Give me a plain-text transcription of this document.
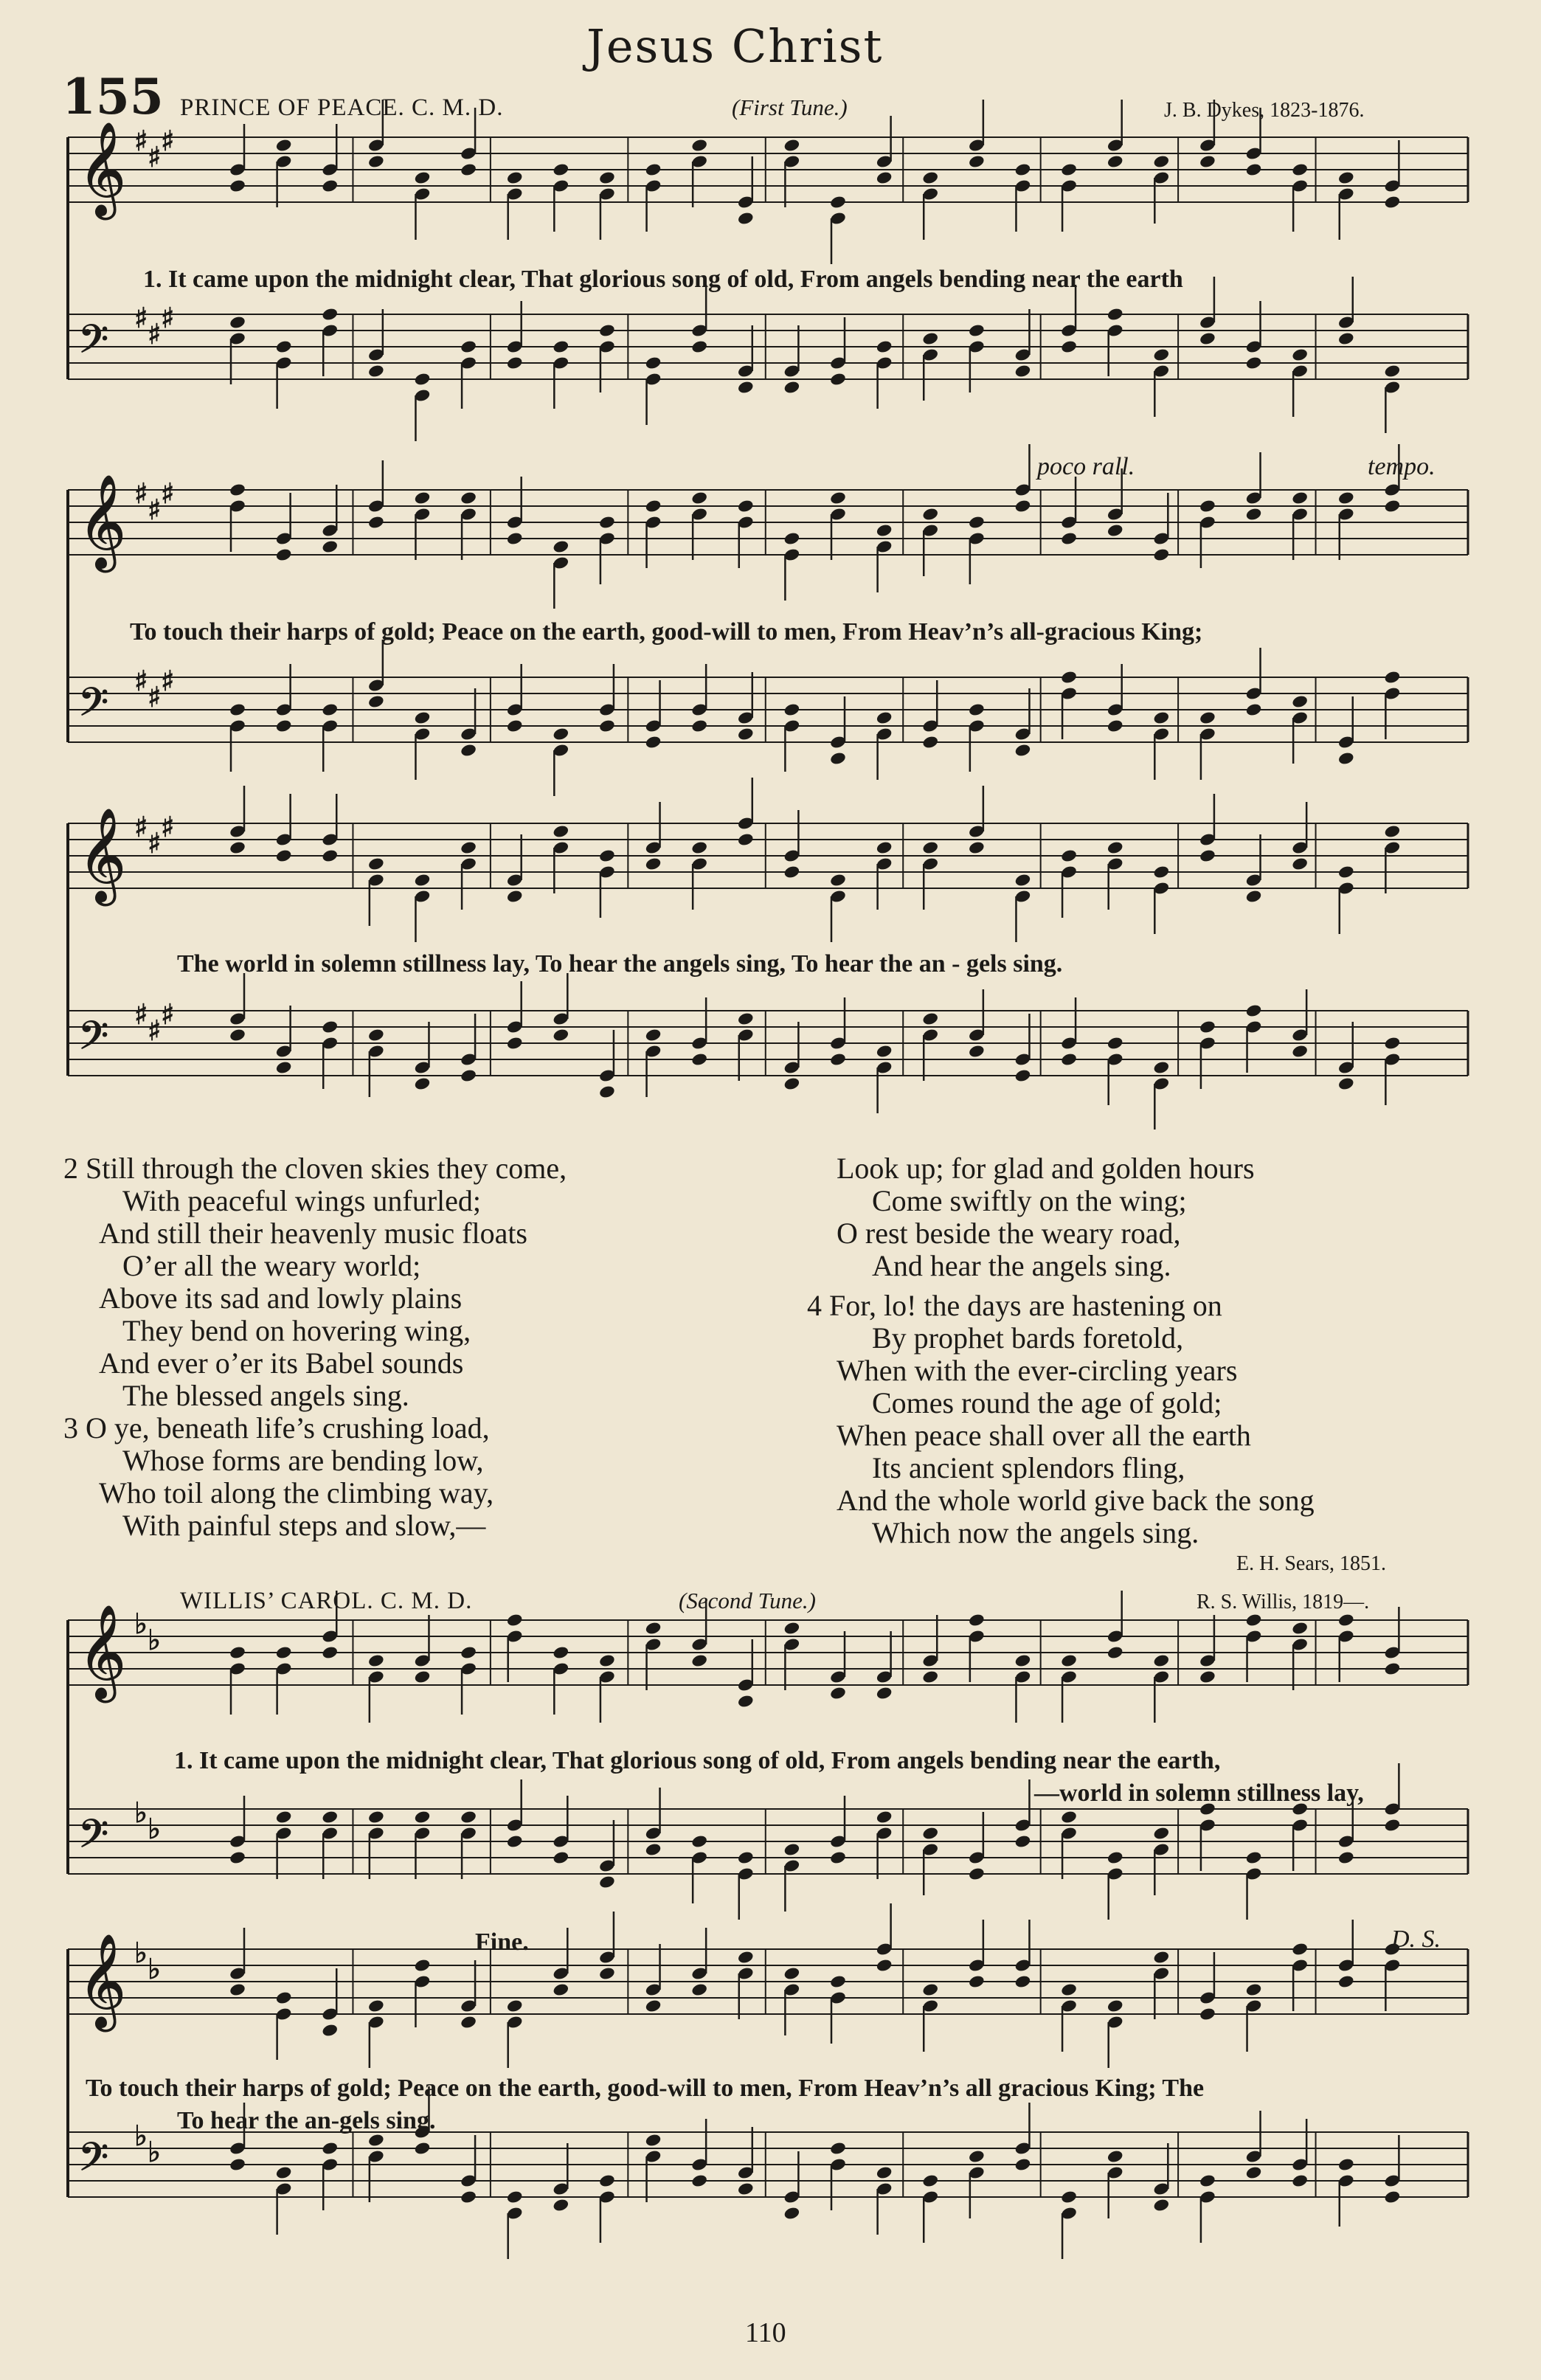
Jesus Christ
155 PRINCE OF PEACE. C. M. D.	(First Tune.)	J. B. Dykes, 1823-1876.
𝄞 ♯ ♯ ♯
𝄢 ♯ ♯ ♯
𝄞 ♯ ♯ ♯
𝄢 ♯ ♯ ♯
𝄞 ♯ ♯ ♯
𝄢 ♯ ♯ ♯
𝄞 ♭ ♭
𝄢 ♭ ♭
𝄞 ♭ ♭
𝄢 ♭ ♭
1. It came upon the midnight clear, That glorious song of old, From angels bending near the earth
poco rall.	tempo.
To touch their harps of gold; Peace on the earth, good-will to men, From Heav’n’s all-gracious King;
The world in solemn stillness lay, To hear the angels sing, To hear the an - gels sing.
2 Still through the cloven skies they come,
With peaceful wings unfurled;
And still their heavenly music floats
O’er all the weary world;
Above its sad and lowly plains
They bend on hovering wing,
And ever o’er its Babel sounds
The blessed angels sing.
3 O ye, beneath life’s crushing load,
Whose forms are bending low,
Who toil along the climbing way,
With painful steps and slow,—
Look up; for glad and golden hours
Come swiftly on the wing;
O rest beside the weary road,
And hear the angels sing.
4 For, lo! the days are hastening on
By prophet bards foretold,
When with the ever-circling years
Comes round the age of gold;
When peace shall over all the earth
Its ancient splendors fling,
And the whole world give back the song
Which now the angels sing.
E. H. Sears, 1851.
WILLIS’ CAROL. C. M. D.	(Second Tune.)	R. S. Willis, 1819—.
1. It came upon the midnight clear, That glorious song of old, From angels bending near the earth,
—world in solemn stillness lay,
Fine.	D. S.
To touch their harps of gold; Peace on the earth, good-will to men, From Heav’n’s all gracious King; The
To hear the an-gels sing.
110
